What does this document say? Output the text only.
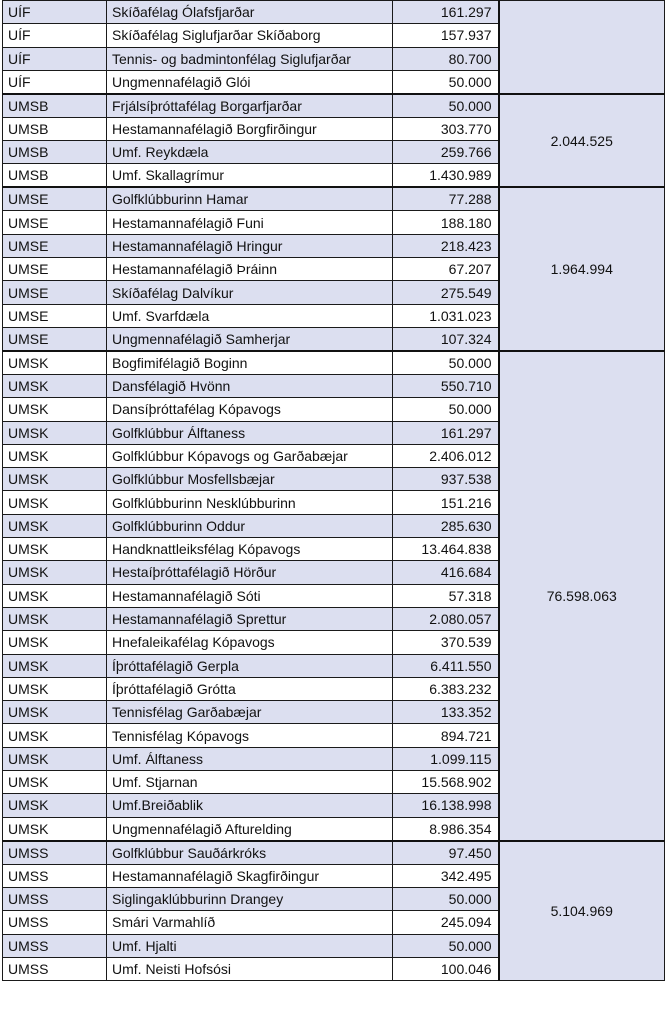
UÍF	Skíðafélag Ólafsfjarðar	161.297	
UÍF	Skíðafélag Siglufjarðar Skíðaborg	157.937	
UÍF	Tennis- og badmintonfélag Siglufjarðar	80.700	
UÍF	Ungmennafélagið Glói	50.000	
UMSB	Frjálsíþróttafélag Borgarfjarðar	50.000	2.044.525
UMSB	Hestamannafélagið Borgfirðingur	303.770	
UMSB	Umf. Reykdæla	259.766	
UMSB	Umf. Skallagrímur	1.430.989	
UMSE	Golfklúbburinn Hamar	77.288	1.964.994
UMSE	Hestamannafélagið Funi	188.180	
UMSE	Hestamannafélagið Hringur	218.423	
UMSE	Hestamannafélagið Þráinn	67.207	
UMSE	Skíðafélag Dalvíkur	275.549	
UMSE	Umf. Svarfdæla	1.031.023	
UMSE	Ungmennafélagið Samherjar	107.324	
UMSK	Bogfimifélagið Boginn	50.000	76.598.063
UMSK	Dansfélagið Hvönn	550.710	
UMSK	Dansíþróttafélag Kópavogs	50.000	
UMSK	Golfklúbbur Álftaness	161.297	
UMSK	Golfklúbbur Kópavogs og Garðabæjar	2.406.012	
UMSK	Golfklúbbur Mosfellsbæjar	937.538	
UMSK	Golfklúbburinn Nesklúbburinn	151.216	
UMSK	Golfklúbburinn Oddur	285.630	
UMSK	Handknattleiksfélag Kópavogs	13.464.838	
UMSK	Hestaíþróttafélagið Hörður	416.684	
UMSK	Hestamannafélagið Sóti	57.318	
UMSK	Hestamannafélagið Sprettur	2.080.057	
UMSK	Hnefaleikafélag Kópavogs	370.539	
UMSK	Íþróttafélagið Gerpla	6.411.550	
UMSK	Íþróttafélagið Grótta	6.383.232	
UMSK	Tennisfélag Garðabæjar	133.352	
UMSK	Tennisfélag Kópavogs	894.721	
UMSK	Umf. Álftaness	1.099.115	
UMSK	Umf. Stjarnan	15.568.902	
UMSK	Umf.Breiðablik	16.138.998	
UMSK	Ungmennafélagið Afturelding	8.986.354	
UMSS	Golfklúbbur Sauðárkróks	97.450	5.104.969
UMSS	Hestamannafélagið Skagfirðingur	342.495	
UMSS	Siglingaklúbburinn Drangey	50.000	
UMSS	Smári Varmahlíð	245.094	
UMSS	Umf. Hjalti	50.000	
UMSS	Umf. Neisti Hofsósi	100.046	
